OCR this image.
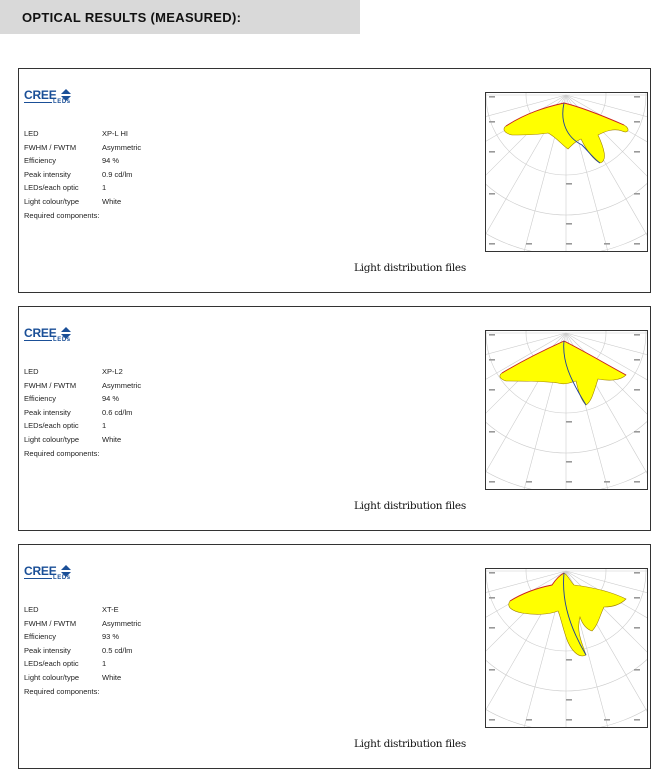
OPTICAL RESULTS (MEASURED):
CREE
LEDs
LED	XP-L HI
FWHM / FWTM	Asymmetric
Efficiency	94 %
Peak intensity	0.9 cd/lm
LEDs/each optic	1
Light colour/type	White
Required components:
Light distribution files
CREE
LEDs
LED	XP-L2
FWHM / FWTM	Asymmetric
Efficiency	94 %
Peak intensity	0.6 cd/lm
LEDs/each optic	1
Light colour/type	White
Required components:
Light distribution files
CREE
LEDs
LED	XT-E
FWHM / FWTM	Asymmetric
Efficiency	93 %
Peak intensity	0.5 cd/lm
LEDs/each optic	1
Light colour/type	White
Required components:
Light distribution files
